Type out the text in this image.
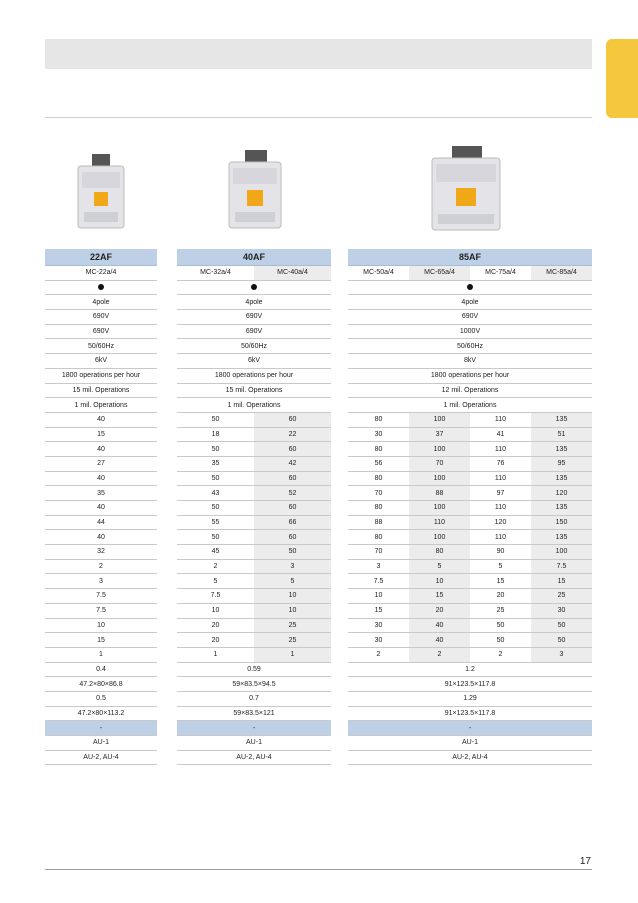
22AF
MC-22a/4

4pole
690V
690V
50/60Hz
6kV
1800 operations per hour
15 mil. Operations
1 mil. Operations
40
15
40
27
40
35
40
44
40
32
2
3
7.5
7.5
10
15
1
0.4
47.2×80×86.8
0.5
47.2×80×113.2
-
AU-1
AU-2, AU-4
40AF	
MC-32a/4	MC-40a/4

4pole	
690V	
690V	
50/60Hz	
6kV	
1800 operations per hour	
15 mil. Operations	
1 mil. Operations	
50	60
18	22
50	60
35	42
50	60
43	52
50	60
55	66
50	60
45	50
2	3
5	5
7.5	10
10	10
20	25
20	25
1	1
0.59	
59×83.5×94.5	
0.7	
59×83.5×121	
-	
AU-1	
AU-2, AU-4	
85AF			
MC-50a/4	MC-65a/4	MC-75a/4	MC-85a/4

4pole			
690V			
1000V			
50/60Hz			
8kV			
1800 operations per hour			
12 mil. Operations			
1 mil. Operations			
80	100	110	135
30	37	41	51
80	100	110	135
56	70	76	95
80	100	110	135
70	88	97	120
80	100	110	135
88	110	120	150
80	100	110	135
70	80	90	100
3	5	5	7.5
7.5	10	15	15
10	15	20	25
15	20	25	30
30	40	50	50
30	40	50	50
2	2	2	3
1.2			
91×123.5×117.8			
1.29			
91×123.5×117.8			
-			
AU-1			
AU-2, AU-4			
17
